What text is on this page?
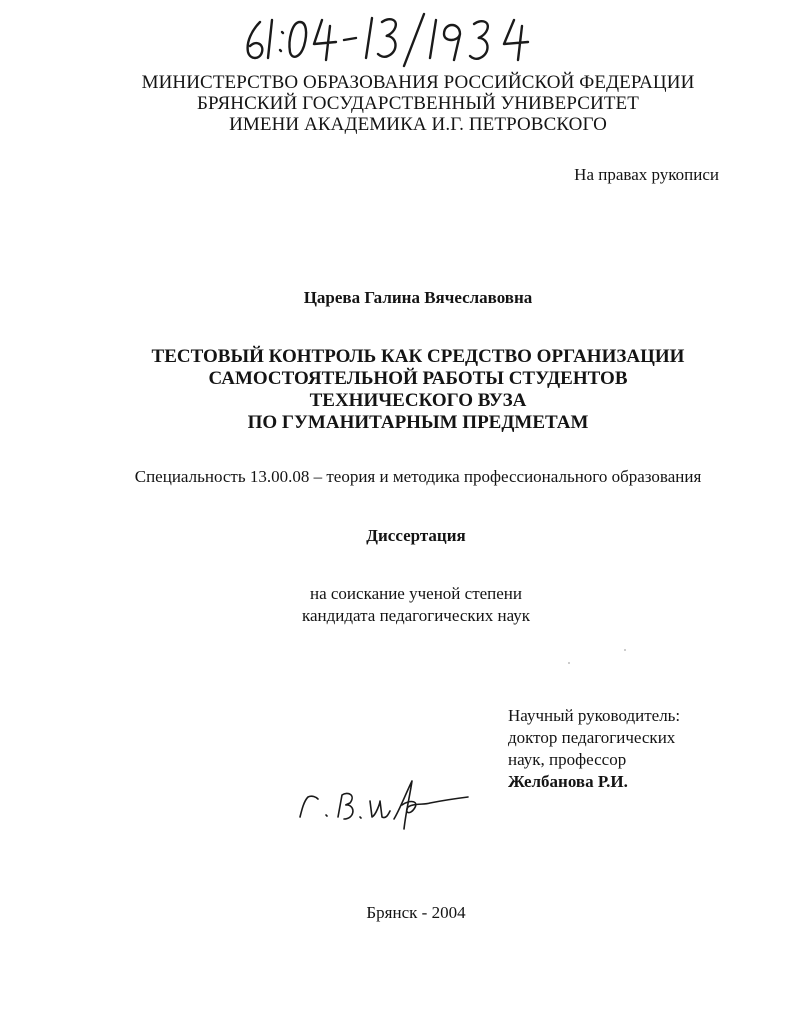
МИНИСТЕРСТВО ОБРАЗОВАНИЯ РОССИЙСКОЙ ФЕДЕРАЦИИ
БРЯНСКИЙ ГОСУДАРСТВЕННЫЙ УНИВЕРСИТЕТ
ИМЕНИ АКАДЕМИКА И.Г. ПЕТРОВСКОГО
На правах рукописи
Царева Галина Вячеславовна
ТЕСТОВЫЙ КОНТРОЛЬ КАК СРЕДСТВО ОРГАНИЗАЦИИ
САМОСТОЯТЕЛЬНОЙ РАБОТЫ СТУДЕНТОВ
ТЕХНИЧЕСКОГО ВУЗА
ПО ГУМАНИТАРНЫМ ПРЕДМЕТАМ
Специальность 13.00.08 – теория и методика профессионального образования
Диссертация
на соискание ученой степени
кандидата педагогических наук
Научный руководитель:
доктор педагогических
наук, профессор
Желбанова Р.И.
Брянск - 2004
